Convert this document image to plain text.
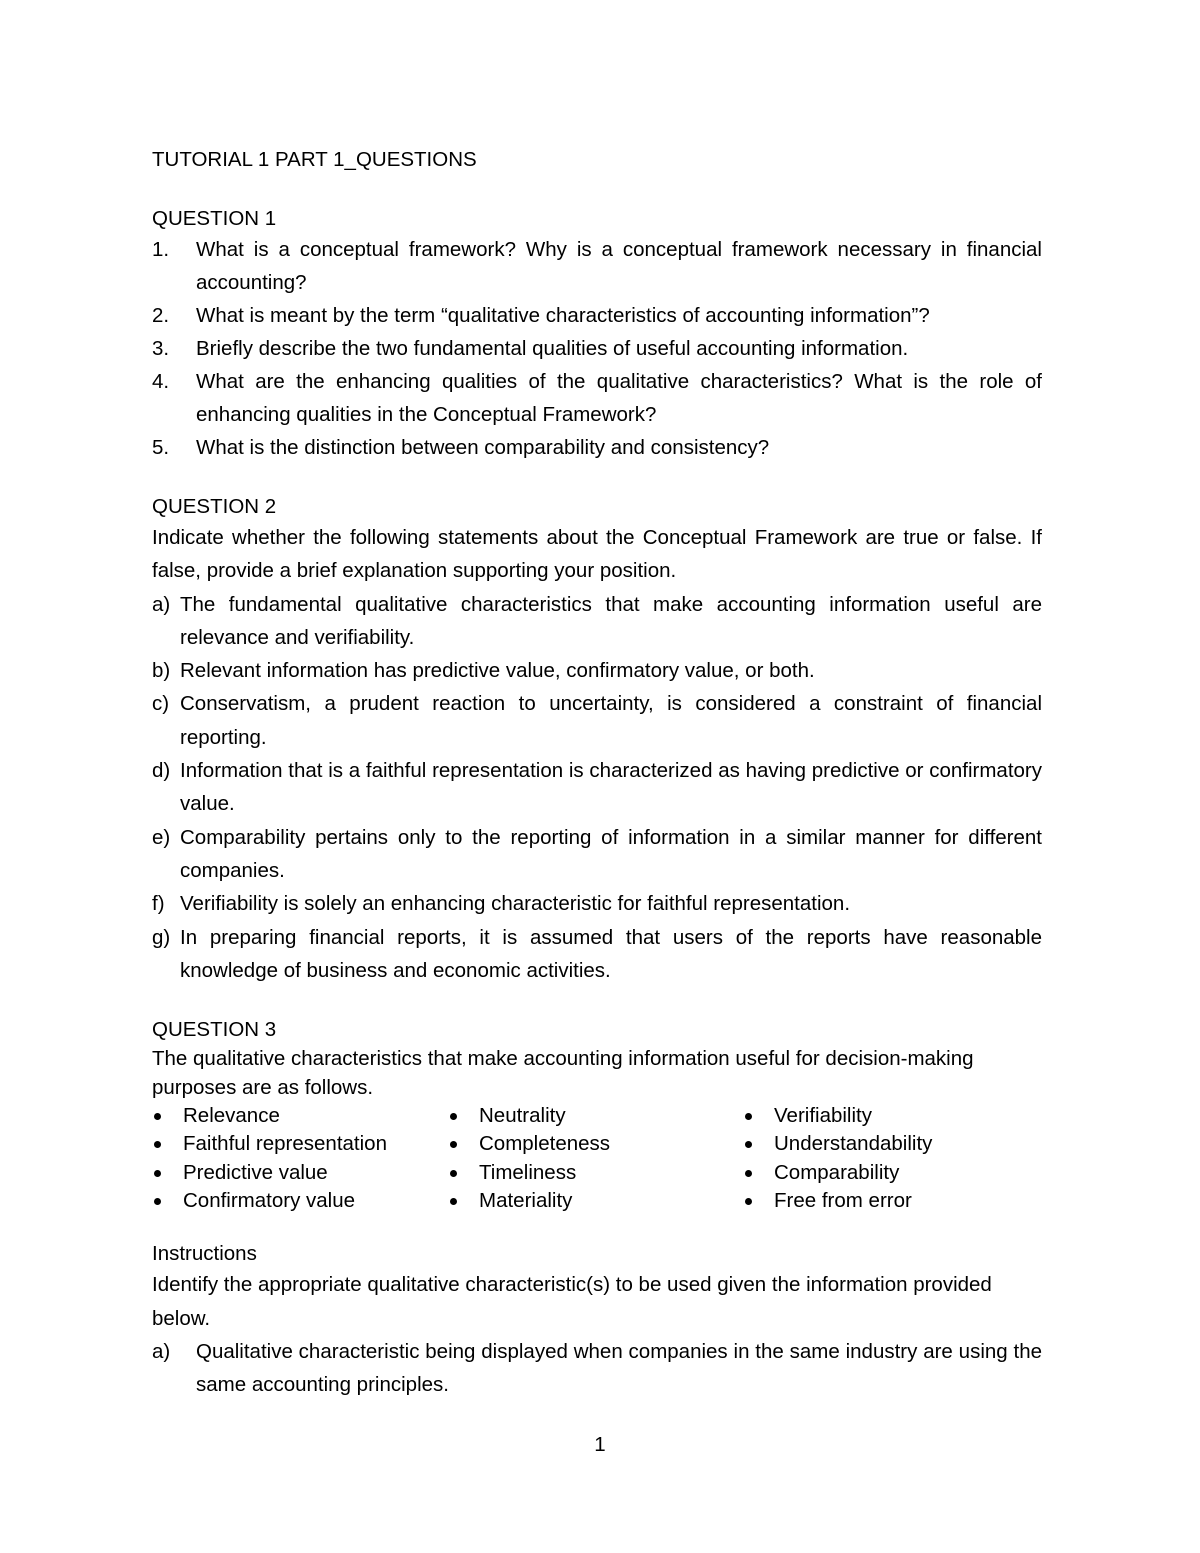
TUTORIAL 1 PART 1_QUESTIONS
QUESTION 1
1. What is a conceptual framework? Why is a conceptual framework necessary in financial accounting?
2. What is meant by the term “qualitative characteristics of accounting information”?
3. Briefly describe the two fundamental qualities of useful accounting information.
4. What are the enhancing qualities of the qualitative characteristics? What is the role of enhancing qualities in the Conceptual Framework?
5. What is the distinction between comparability and consistency?
QUESTION 2
Indicate whether the following statements about the Conceptual Framework are true or false. If false, provide a brief explanation supporting your position.
a) The fundamental qualitative characteristics that make accounting information useful are relevance and verifiability.
b) Relevant information has predictive value, confirmatory value, or both.
c) Conservatism, a prudent reaction to uncertainty, is considered a constraint of financial reporting.
d) Information that is a faithful representation is characterized as having predictive or confirmatory value.
e) Comparability pertains only to the reporting of information in a similar manner for different companies.
f) Verifiability is solely an enhancing characteristic for faithful representation.
g) In preparing financial reports, it is assumed that users of the reports have reasonable knowledge of business and economic activities.
QUESTION 3
The qualitative characteristics that make accounting information useful for decision-making purposes are as follows.
Relevance
Faithful representation
Predictive value
Confirmatory value
Neutrality
Completeness
Timeliness
Materiality
Verifiability
Understandability
Comparability
Free from error
Instructions
Identify the appropriate qualitative characteristic(s) to be used given the information provided below.
a) Qualitative characteristic being displayed when companies in the same industry are using the same accounting principles.
1
